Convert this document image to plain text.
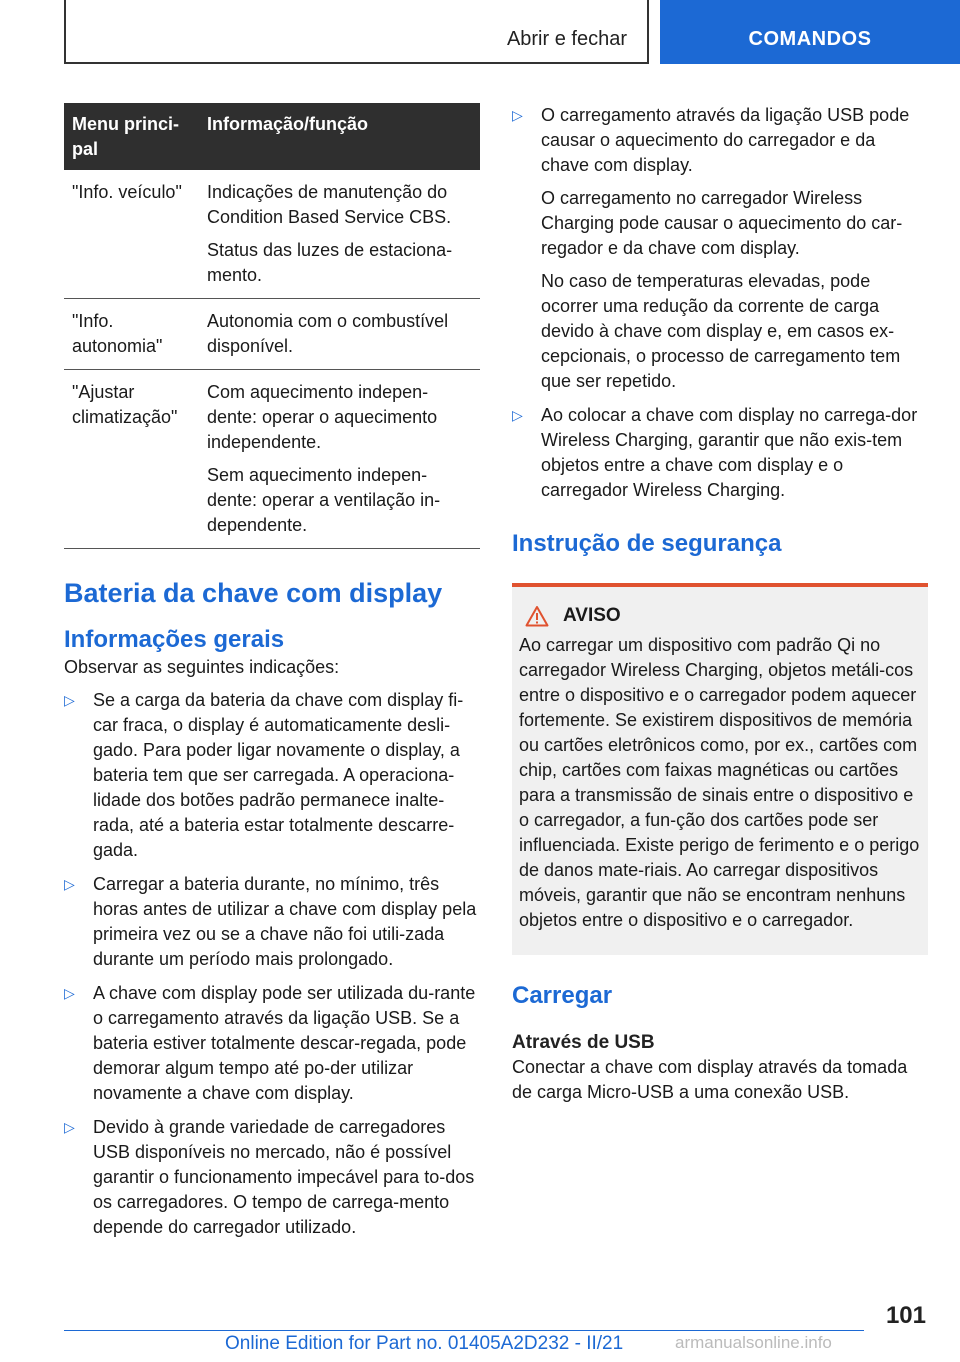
Abrir e fechar	COMANDOS
Menu princi-
pal	Informação/função
"Info. veículo"	Indicações de manutenção do Condition Based Service CBS.

Status das luzes de estaciona-mento.

"Info. autonomia"	Autonomia com o combustível disponível.

"Ajustar climatização"	Com aquecimento indepen-dente: operar o aquecimento independente.

Sem aquecimento indepen-dente: operar a ventilação in-dependente.

Bateria da chave com display
Informações gerais

Observar as seguintes indicações:

▷ Se a carga da bateria da chave com display fi-car fraca, o display é automaticamente desli-gado. Para poder ligar novamente o display, a bateria tem que ser carregada. A operaciona-lidade dos botões padrão permanece inalte-rada, até a bateria estar totalmente descarre-gada.

▷ Carregar a bateria durante, no mínimo, três horas antes de utilizar a chave com display pela primeira vez ou se a chave não foi utili-zada durante um período mais prolongado.

▷ A chave com display pode ser utilizada du-rante o carregamento através da ligação USB. Se a bateria estiver totalmente descar-regada, pode demorar algum tempo até po-der utilizar novamente a chave com display.

▷ Devido à grande variedade de carregadores USB disponíveis no mercado, não é possível garantir o funcionamento impecável para to-dos os carregadores. O tempo de carrega-mento depende do carregador utilizado.

▷ O carregamento através da ligação USB pode causar o aquecimento do carregador e da chave com display.

O carregamento no carregador Wireless Charging pode causar o aquecimento do car-regador e da chave com display.

No caso de temperaturas elevadas, pode ocorrer uma redução da corrente de carga devido à chave com display e, em casos ex-cepcionais, o processo de carregamento tem que ser repetido.

▷ Ao colocar a chave com display no carrega-dor Wireless Charging, garantir que não exis-tem objetos entre a chave com display e o carregador Wireless Charging.

Instrução de segurança
AVISO

Ao carregar um dispositivo com padrão Qi no carregador Wireless Charging, objetos metáli-cos entre o dispositivo e o carregador podem aquecer fortemente. Se existirem dispositivos de memória ou cartões eletrônicos como, por ex., cartões com chip, cartões com faixas magnéticas ou cartões para a transmissão de sinais entre o dispositivo e o carregador, a fun-ção dos cartões pode ser influenciada. Existe perigo de ferimento e o perigo de danos mate-riais. Ao carregar dispositivos móveis, garantir que não se encontram nenhuns objetos entre o dispositivo e o carregador.

Carregar
Através de USB

Conectar a chave com display através da tomada de carga Micro-USB a uma conexão USB.

101
Online Edition for Part no. 01405A2D232 - II/21	armanualsonline.info
